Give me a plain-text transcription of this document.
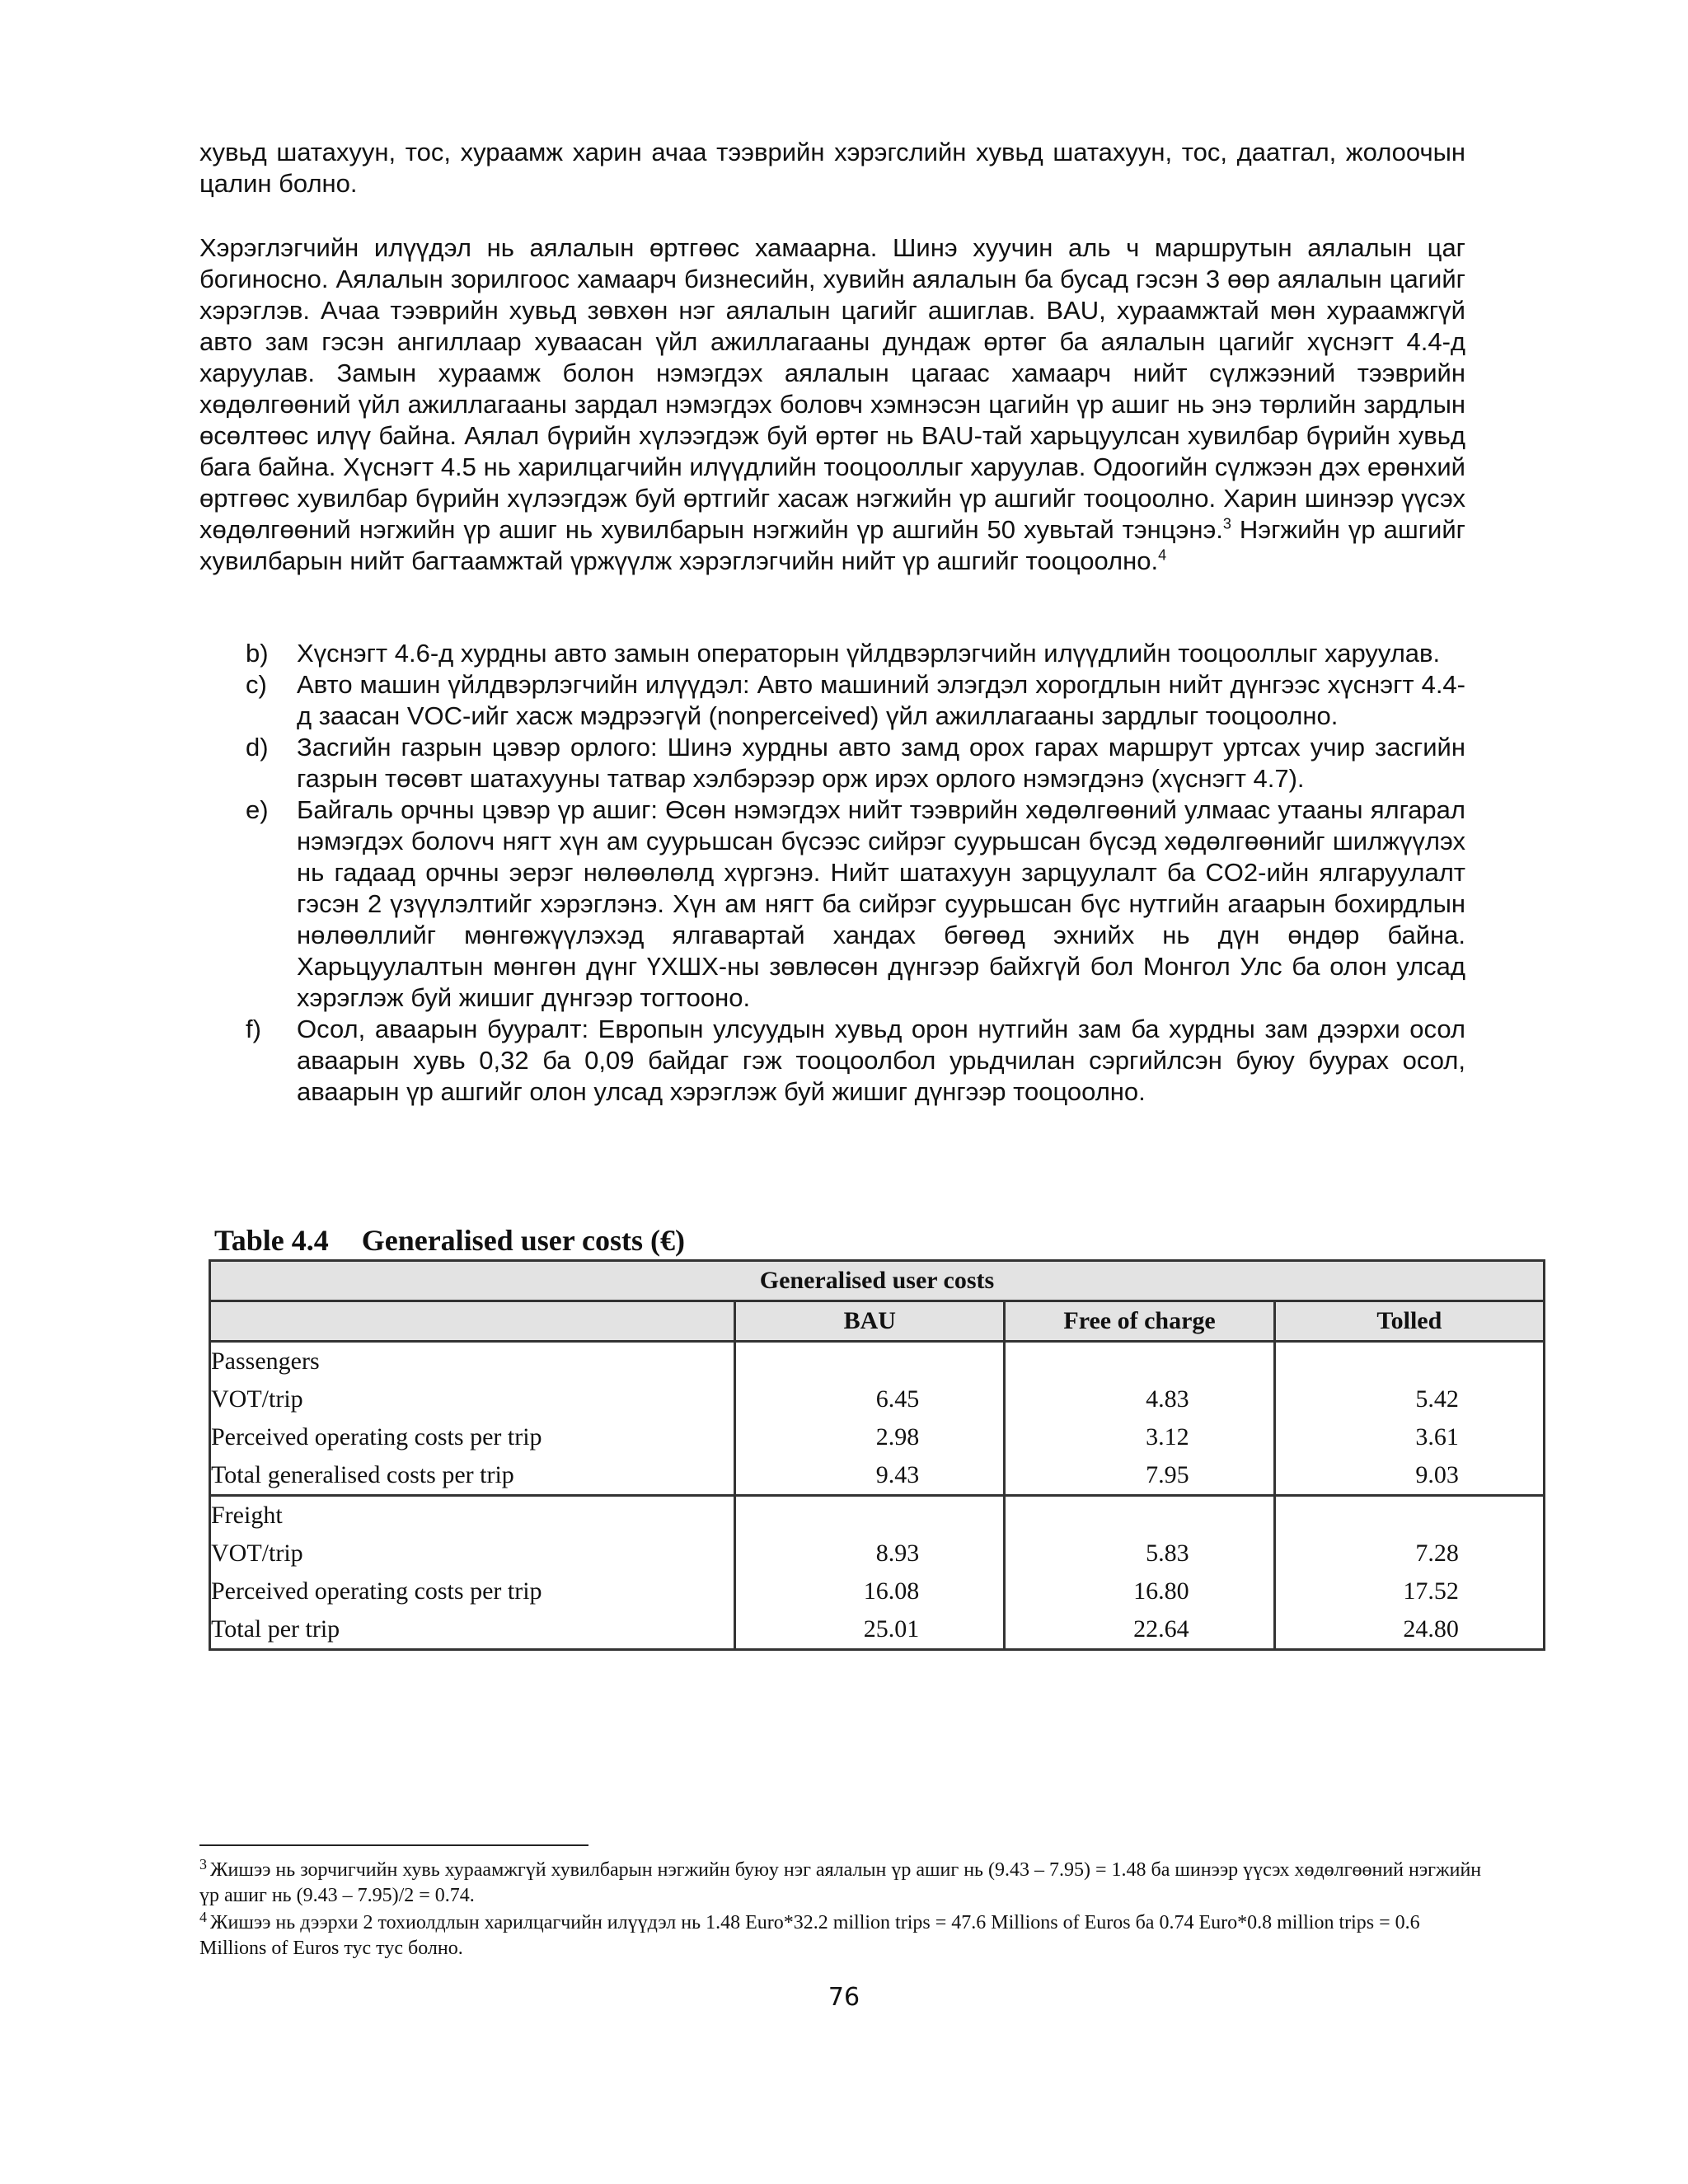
хувьд шатахуун, тос, хураамж харин ачаа тээврийн хэрэгслийн хувьд шатахуун, тос, даатгал, жолоочын цалин болно.

Хэрэглэгчийн илүүдэл нь аялалын өртгөөс хамаарна. Шинэ хуучин аль ч маршрутын аялалын цаг богиносно. Аялалын зорилгоос хамаарч бизнесийн, хувийн аялалын ба бусад гэсэн 3 өөр аялалын цагийг хэрэглэв. Ачаа тээврийн хувьд зөвхөн нэг аялалын цагийг ашиглав. BAU, хураамжтай мөн хураамжгүй авто зам гэсэн ангиллаар хуваасан үйл ажиллагааны дундаж өртөг ба аялалын цагийг хүснэгт 4.4-д харуулав. Замын хураамж болон нэмэгдэх аялалын цагаас хамаарч нийт сүлжээний тээврийн хөдөлгөөний үйл ажиллагааны зардал нэмэгдэх боловч хэмнэсэн цагийн үр ашиг нь энэ төрлийн зардлын өсөлтөөс илүү байна. Аялал бүрийн хүлээгдэж буй өртөг нь BAU-тай харьцуулсан хувилбар бүрийн хувьд бага байна. Хүснэгт 4.5 нь харилцагчийн илүүдлийн тооцооллыг харуулав. Одоогийн сүлжээн дэх ерөнхий өртгөөс хувилбар бүрийн хүлээгдэж буй өртгийг хасаж нэгжийн үр ашгийг тооцоолно. Харин шинээр үүсэх хөдөлгөөний нэгжийн үр ашиг нь хувилбарын нэгжийн үр ашгийн 50 хувьтай тэнцэнэ.$^3$ Нэгжийн үр ашгийг хувилбарын нийт багтаамжтай үржүүлж хэрэглэгчийн нийт үр ашгийг тооцоолно.$^4$

b)	Хүснэгт 4.6-д хурдны авто замын операторын үйлдвэрлэгчийн илүүдлийн тооцооллыг харуулав.
c)	Авто машин үйлдвэрлэгчийн илүүдэл: Авто машиний элэгдэл хорогдлын нийт дүнгээс хүснэгт 4.4-д заасан VOC-ийг хасж мэдрээгүй (nonperceived) үйл ажиллагааны зардлыг тооцоолно.
d)	Засгийн газрын цэвэр орлого: Шинэ хурдны авто замд орох гарах маршрут уртсах учир засгийн газрын төсөвт шатахууны татвар хэлбэрээр орж ирэх орлого нэмэгдэнэ (хүснэгт 4.7).
e)	Байгаль орчны цэвэр үр ашиг: Өсөн нэмэгдэх нийт тээврийн хөдөлгөөний улмаас утааны ялгарал нэмэгдэх болovч нягт хүн ам суурьшсан бүсээс сийрэг суурьшсан бүсэд хөдөлгөөнийг шилжүүлэх нь гадаад орчны эерэг нөлөөлөлд хүргэнэ. Нийт шатахуун зарцуулалт ба CO2-ийн ялгаруулалт гэсэн 2 үзүүлэлтийг хэрэглэнэ. Хүн ам нягт ба сийрэг суурьшсан бүс нутгийн агаарын бохирдлын нөлөөллийг мөнгөжүүлэхэд ялгавартай хандах бөгөөд эхнийх нь дүн өндөр байна. Харьцуулалтын мөнгөн дүнг ҮХШХ-ны зөвлөсөн дүнгээр байхгүй бол Монгол Улс ба олон улсад хэрэглэж буй жишиг дүнгээр тогтооно.
f)	Осол, аваарын бууралт: Европын улсуудын хувьд орон нутгийн зам ба хурдны зам дээрхи осол аваарын хувь 0,32 ба 0,09 байдаг гэж тооцоолбол урьдчилан сэргийлсэн буюу буурах осол, аваарын үр ашгийг олон улсад хэрэглэж буй жишиг дүнгээр тооцоолно.
Table 4.4 Generalised user costs (€)
Generalised user costs			
	BAU	Free of charge	Tolled
Passengers			
VOT/trip	6.45	4.83	5.42
Perceived operating costs per trip	2.98	3.12	3.61
Total generalised costs per trip	9.43	7.95	9.03
Freight			
VOT/trip	8.93	5.83	7.28
Perceived operating costs per trip	16.08	16.80	17.52
Total per trip	25.01	22.64	24.80

$^3$ Жишээ нь зорчигчийн хувь хураамжгүй хувилбарын нэгжийн буюу нэг аялалын үр ашиг нь (9.43 – 7.95) = 1.48 ба шинээр үүсэх хөдөлгөөний нэгжийн үр ашиг нь (9.43 – 7.95)/2 = 0.74.

$^4$ Жишээ нь дээрхи 2 тохиолдлын харилцагчийн илүүдэл нь 1.48 Euro*32.2 million trips = 47.6 Millions of Euros ба 0.74 Euro*0.8 million trips = 0.6 Millions of Euros тус тус болно.

76
